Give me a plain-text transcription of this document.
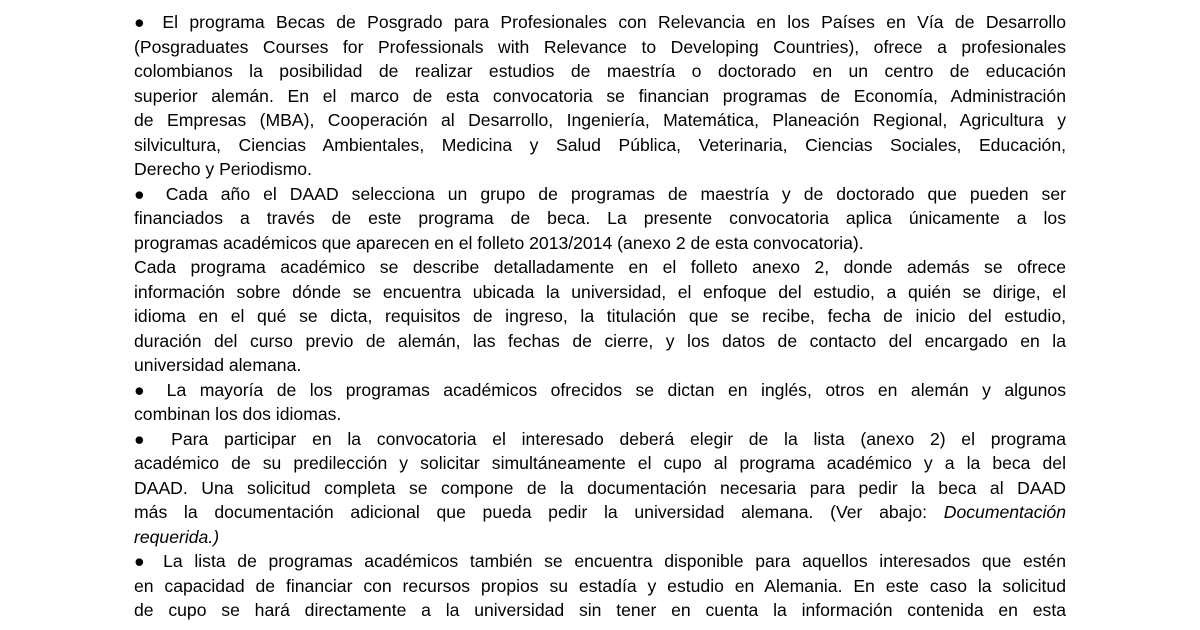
● El programa Becas de Posgrado para Profesionales con Relevancia en los Países en Vía de Desarrollo
(Posgraduates Courses for Professionals with Relevance to Developing Countries), ofrece a profesionales
colombianos la posibilidad de realizar estudios de maestría o doctorado en un centro de educación
superior alemán. En el marco de esta convocatoria se financian programas de Economía, Administración
de Empresas (MBA), Cooperación al Desarrollo, Ingeniería, Matemática, Planeación Regional, Agricultura y
silvicultura, Ciencias Ambientales, Medicina y Salud Pública, Veterinaria, Ciencias Sociales, Educación,
Derecho y Periodismo.
● Cada año el DAAD selecciona un grupo de programas de maestría y de doctorado que pueden ser
financiados a través de este programa de beca. La presente convocatoria aplica únicamente a los
programas académicos que aparecen en el folleto 2013/2014 (anexo 2 de esta convocatoria).
Cada programa académico se describe detalladamente en el folleto anexo 2, donde además se ofrece
información sobre dónde se encuentra ubicada la universidad, el enfoque del estudio, a quién se dirige, el
idioma en el qué se dicta, requisitos de ingreso, la titulación que se recibe, fecha de inicio del estudio,
duración del curso previo de alemán, las fechas de cierre, y los datos de contacto del encargado en la
universidad alemana.
● La mayoría de los programas académicos ofrecidos se dictan en inglés, otros en alemán y algunos
combinan los dos idiomas.
● Para participar en la convocatoria el interesado deberá elegir de la lista (anexo 2) el programa
académico de su predilección y solicitar simultáneamente el cupo al programa académico y a la beca del
DAAD. Una solicitud completa se compone de la documentación necesaria para pedir la beca al DAAD
más la documentación adicional que pueda pedir la universidad alemana. (Ver abajo: Documentación
requerida.)
● La lista de programas académicos también se encuentra disponible para aquellos interesados que estén
en capacidad de financiar con recursos propios su estadía y estudio en Alemania. En este caso la solicitud
de cupo se hará directamente a la universidad sin tener en cuenta la información contenida en esta
